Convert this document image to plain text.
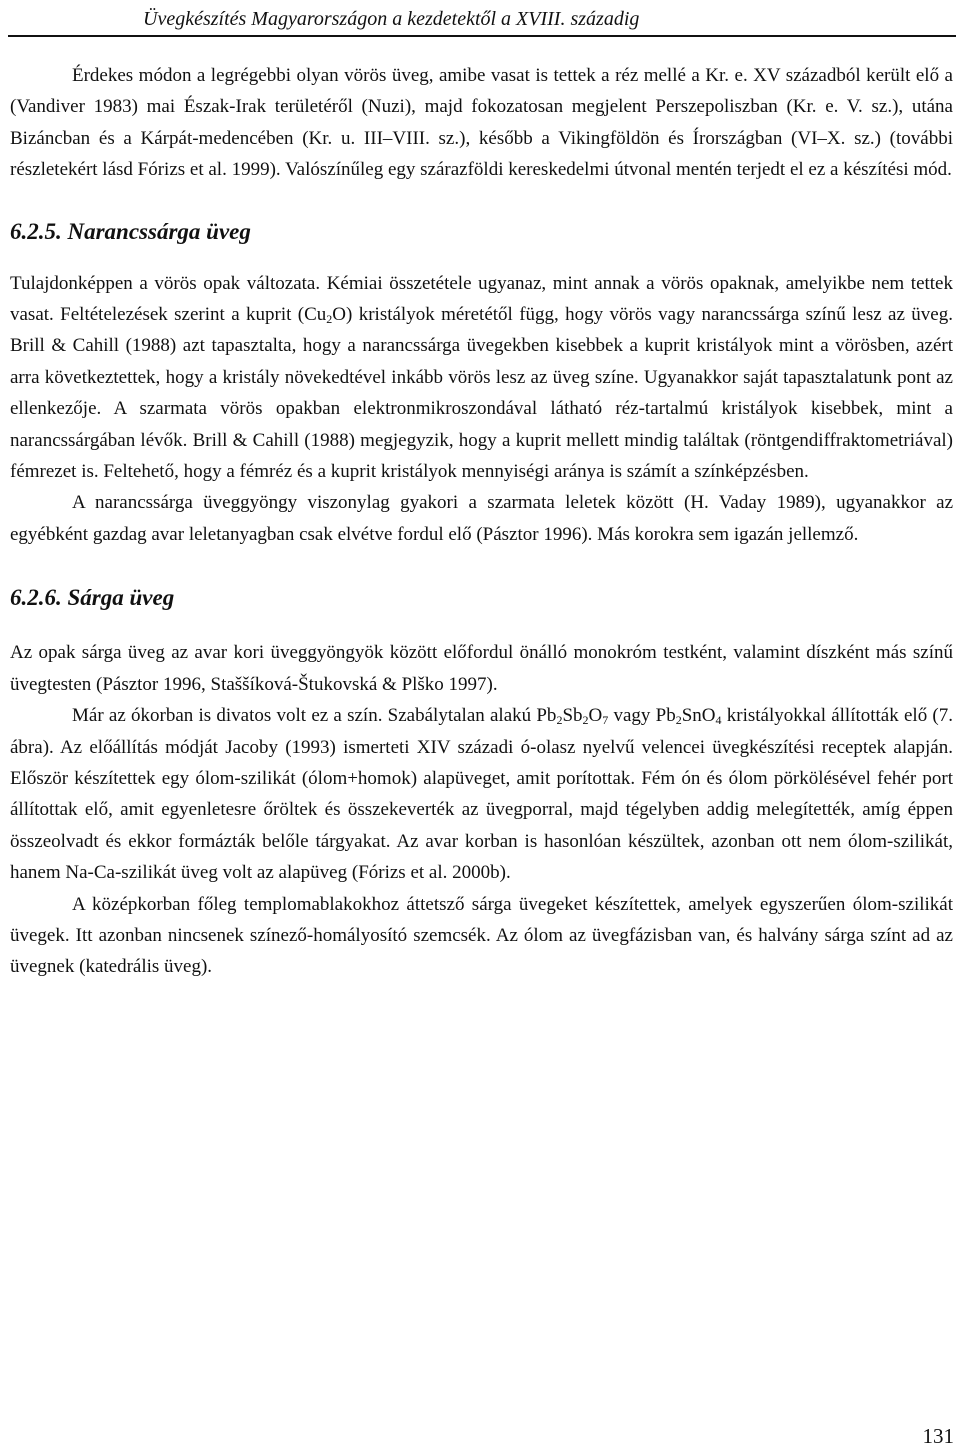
Üvegkészítés Magyarországon a kezdetektől a XVIII. századig

Érdekes módon a legrégebbi olyan vörös üveg, amibe vasat is tettek a réz mellé a Kr. e. XV századból került elő a (Vandiver 1983) mai Észak-Irak területéről (Nuzi), majd fokozatosan megjelent Perszepoliszban (Kr. e. V. sz.), utána Bizáncban és a Kárpát-medencében (Kr. u. III–VIII. sz.), később a Vikingföldön és Írországban (VI–X. sz.) (további részletekért lásd Fórizs et al. 1999). Valószínűleg egy szárazföldi kereskedelmi útvonal mentén terjedt el ez a készítési mód.

6.2.5. Narancssárga üveg

Tulajdonképpen a vörös opak változata. Kémiai összetétele ugyanaz, mint annak a vörös opaknak, amelyikbe nem tettek vasat. Feltételezések szerint a kuprit $(Cu_2O)$ kristályok méretétől függ, hogy vörös vagy narancssárga színű lesz az üveg. Brill & Cahill (1988) azt tapasztalta, hogy a narancssárga üvegekben kisebbek a kuprit kristályok mint a vörösben, azért arra következtettek, hogy a kristály növekedtével inkább vörös lesz az üveg színe. Ugyanakkor saját tapasztalatunk pont az ellenkezője. A szarmata vörös opakban elektronmikroszondával látható réz-tartalmú kristályok kisebbek, mint a narancssárgában lévők. Brill & Cahill (1988) megjegyzik, hogy a kuprit mellett mindig találtak (röntgendiffraktometriával) fémrezet is. Feltehető, hogy a fémréz és a kuprit kristályok mennyiségi aránya is számít a színképzésben.

A narancssárga üveggyöngy viszonylag gyakori a szarmata leletek között (H. Vaday 1989), ugyanakkor az egyébként gazdag avar leletanyagban csak elvétve fordul elő (Pásztor 1996). Más korokra sem igazán jellemző.

6.2.6. Sárga üveg

Az opak sárga üveg az avar kori üveggyöngyök között előfordul önálló monokróm testként, valamint díszként más színű üvegtesten (Pásztor 1996, Staššíková-Štukovská & Plško 1997).

Már az ókorban is divatos volt ez a szín. Szabálytalan alakú $Pb_2Sb_2O_7$ vagy $Pb_2SnO_4$ kristályokkal állították elő (7. ábra). Az előállítás módját Jacoby (1993) ismerteti XIV századi ó-olasz nyelvű velencei üvegkészítési receptek alapján. Először készítettek egy ólom-szilikát (ólom+homok) alapüveget, amit porítottak. Fém ón és ólom pörkölésével fehér port állítottak elő, amit egyenletesre őröltek és összekeverték az üvegporral, majd tégelyben addig melegítették, amíg éppen összeolvadt és ekkor formázták belőle tárgyakat. Az avar korban is hasonlóan készültek, azonban ott nem ólom-szilikát, hanem Na-Ca-szilikát üveg volt az alapüveg (Fórizs et al. 2000b).

A középkorban főleg templomablakokhoz áttetsző sárga üvegeket készítettek, amelyek egyszerűen ólom-szilikát üvegek. Itt azonban nincsenek színező-homályosító szemcsék. Az ólom az üvegfázisban van, és halvány sárga színt ad az üvegnek (katedrális üveg).

131
